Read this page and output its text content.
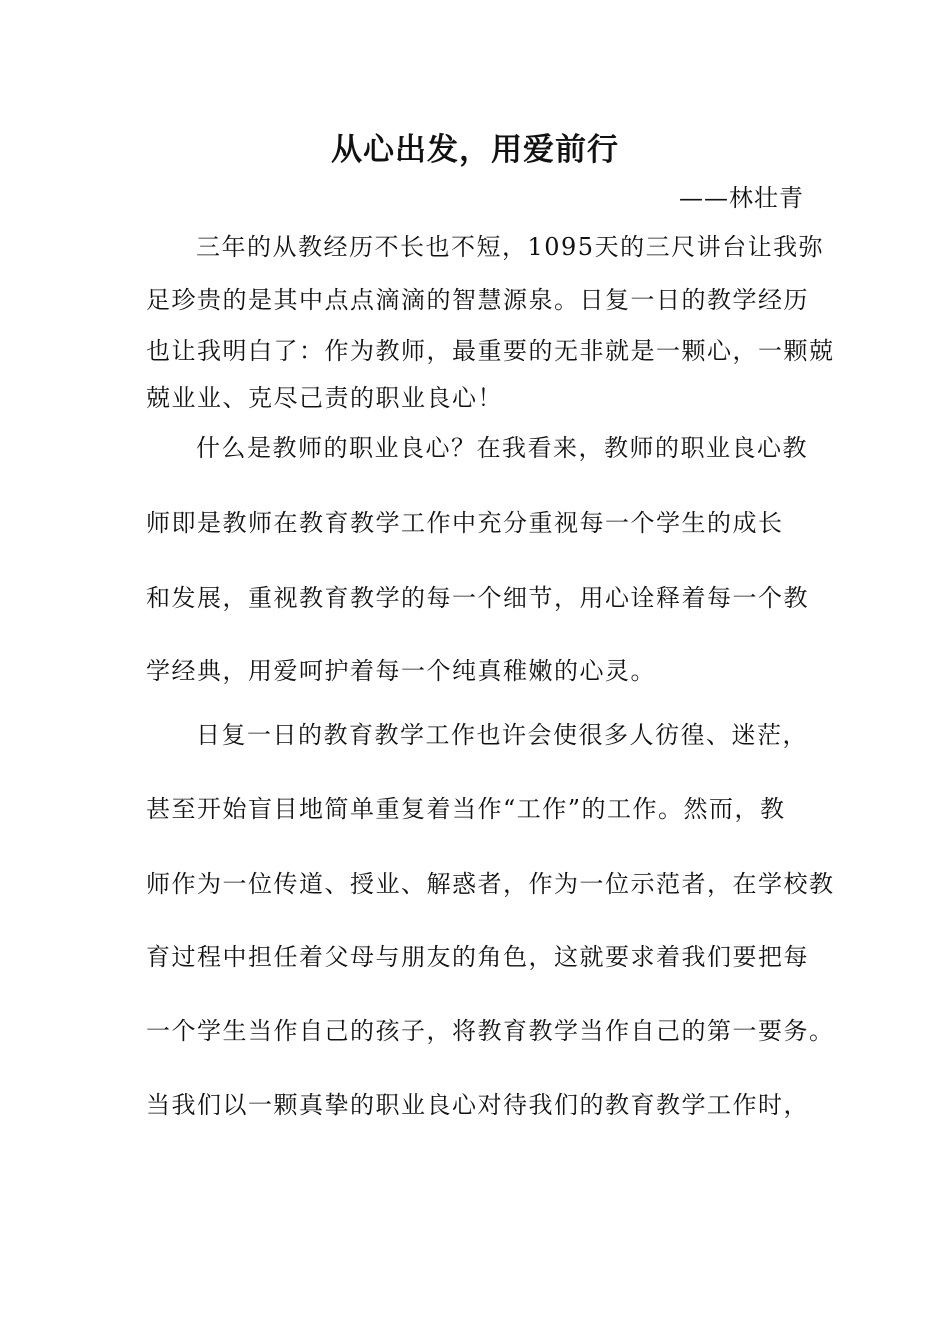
从心出发，用爱前行
——林壮青
三年的从教经历不长也不短，1095天的三尺讲台让我弥
足珍贵的是其中点点滴滴的智慧源泉。日复一日的教学经历
也让我明白了：作为教师，最重要的无非就是一颗心，一颗兢
兢业业、克尽己责的职业良心！
什么是教师的职业良心？在我看来，教师的职业良心教
师即是教师在教育教学工作中充分重视每一个学生的成长
和发展，重视教育教学的每一个细节，用心诠释着每一个教
学经典，用爱呵护着每一个纯真稚嫩的心灵。
日复一日的教育教学工作也许会使很多人彷徨、迷茫，
甚至开始盲目地简单重复着当作“工作”的工作。然而，教
师作为一位传道、授业、解惑者，作为一位示范者，在学校教
育过程中担任着父母与朋友的角色，这就要求着我们要把每
一个学生当作自己的孩子，将教育教学当作自己的第一要务。
当我们以一颗真挚的职业良心对待我们的教育教学工作时，
